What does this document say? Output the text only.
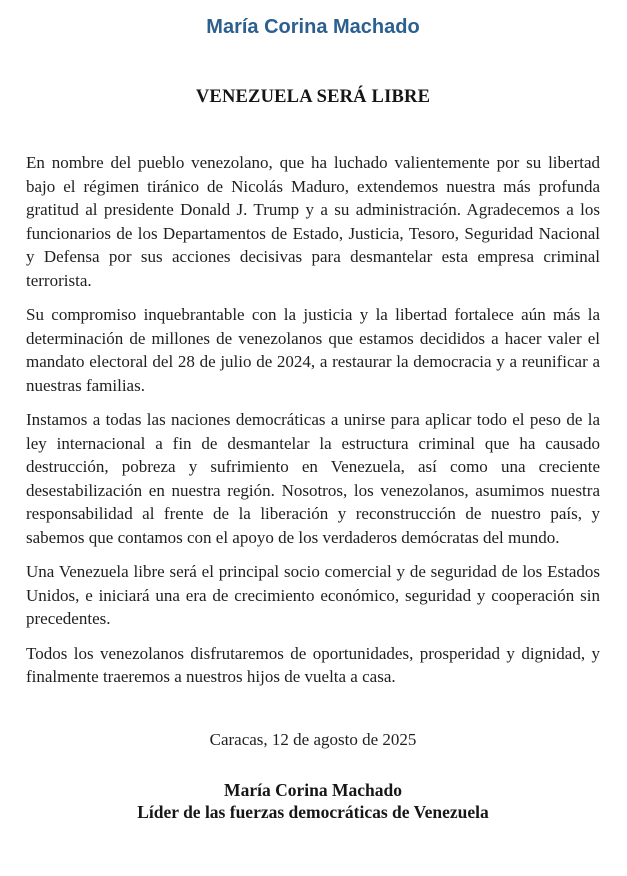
María Corina Machado
VENEZUELA SERÁ LIBRE

En nombre del pueblo venezolano, que ha luchado valientemente por su libertad bajo el régimen tiránico de Nicolás Maduro, extendemos nuestra más profunda gratitud al presidente Donald J. Trump y a su administración. Agradecemos a los funcionarios de los Departamentos de Estado, Justicia, Tesoro, Seguridad Nacional y Defensa por sus acciones decisivas para desmantelar esta empresa criminal terrorista.

Su compromiso inquebrantable con la justicia y la libertad fortalece aún más la determinación de millones de venezolanos que estamos decididos a hacer valer el mandato electoral del 28 de julio de 2024, a restaurar la democracia y a reunificar a nuestras familias.

Instamos a todas las naciones democráticas a unirse para aplicar todo el peso de la ley internacional a fin de desmantelar la estructura criminal que ha causado destrucción, pobreza y sufrimiento en Venezuela, así como una creciente desestabilización en nuestra región. Nosotros, los venezolanos, asumimos nuestra responsabilidad al frente de la liberación y reconstrucción de nuestro país, y sabemos que contamos con el apoyo de los verdaderos demócratas del mundo.

Una Venezuela libre será el principal socio comercial y de seguridad de los Estados Unidos, e iniciará una era de crecimiento económico, seguridad y cooperación sin precedentes.

Todos los venezolanos disfrutaremos de oportunidades, prosperidad y dignidad, y finalmente traeremos a nuestros hijos de vuelta a casa.

Caracas, 12 de agosto de 2025

María Corina Machado

Líder de las fuerzas democráticas de Venezuela
